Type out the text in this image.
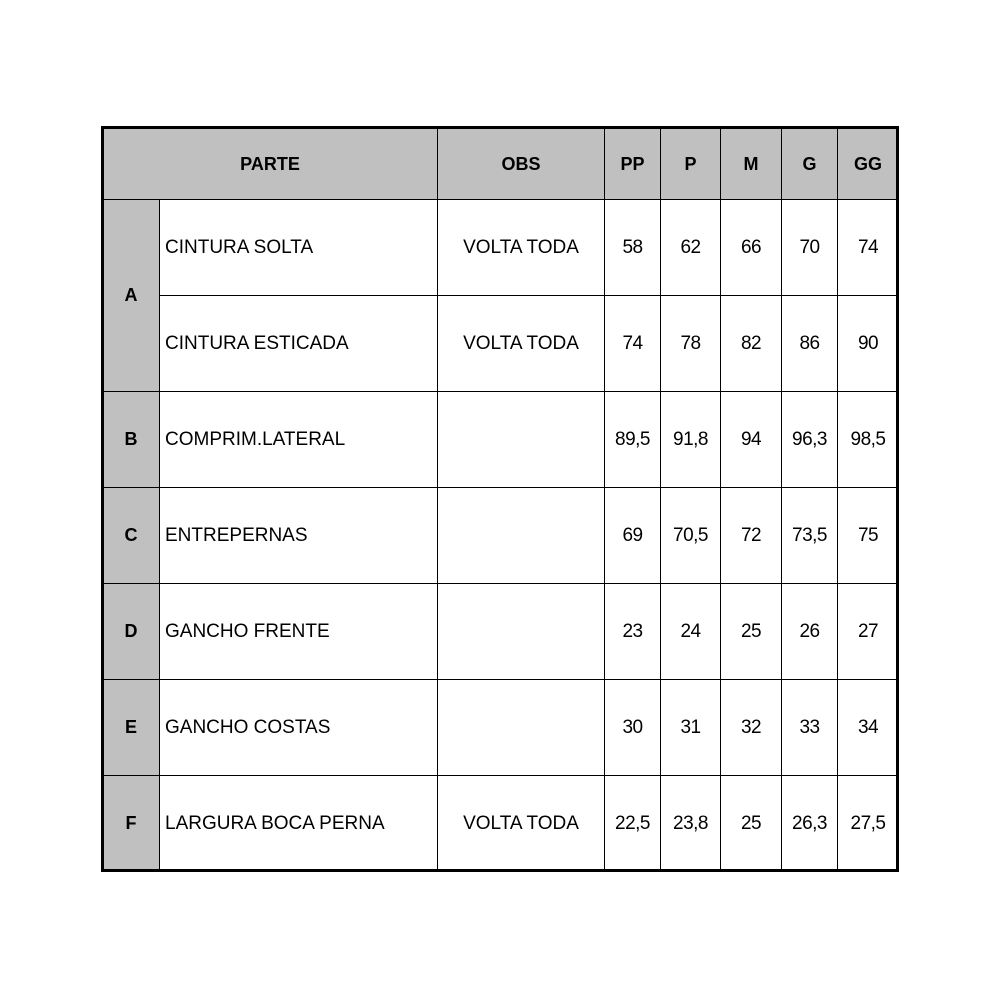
PARTE		OBS	PP	P	M	G	GG
A	CINTURA SOLTA	VOLTA TODA	58	62	66	70	74
	CINTURA ESTICADA	VOLTA TODA	74	78	82	86	90
B	COMPRIM.LATERAL		89,5	91,8	94	96,3	98,5
C	ENTREPERNAS		69	70,5	72	73,5	75
D	GANCHO FRENTE		23	24	25	26	27
E	GANCHO COSTAS		30	31	32	33	34
F	LARGURA BOCA PERNA	VOLTA TODA	22,5	23,8	25	26,3	27,5
